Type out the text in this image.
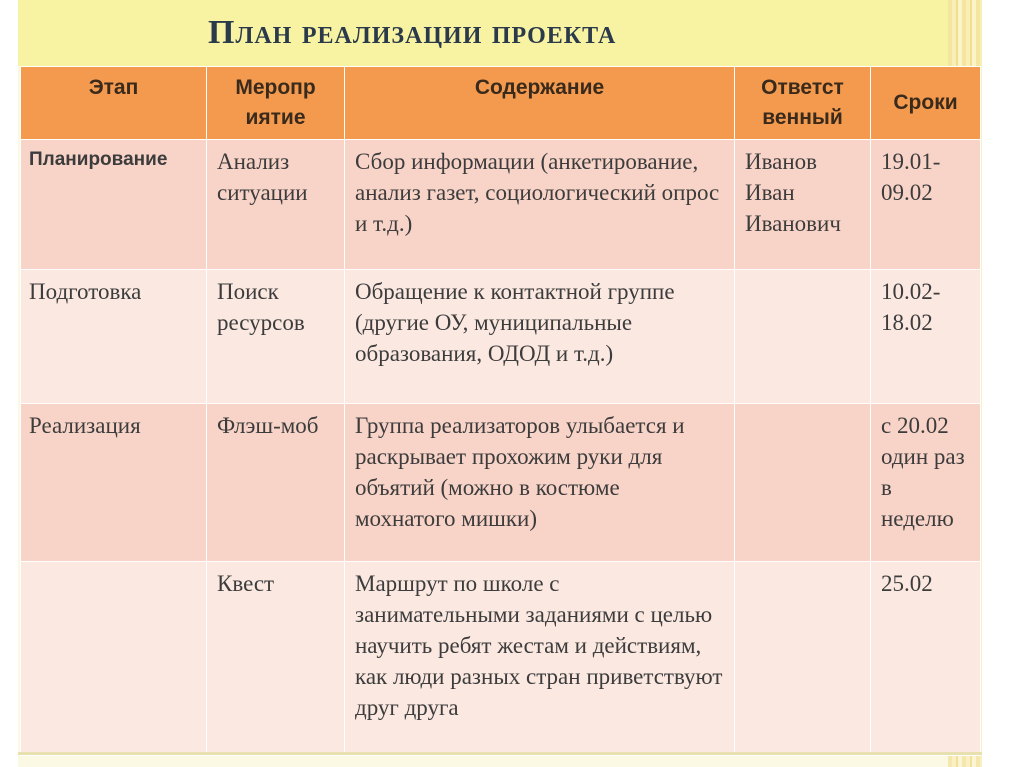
План реализации проекта
Этап	Меропр иятие	Содержание	Ответст венный	Сроки
Планирование	Анализ ситуации	Сбор информации (анкетирование, анализ газет, социологический опрос и т.д.)	Иванов Иван Иванович	19.01-09.02
Подготовка	Поиск ресурсов	Обращение к контактной группе (другие ОУ, муниципальные образования, ОДОД и т.д.)		10.02-18.02
Реализация	Флэш-моб	Группа реализаторов улыбается и раскрывает прохожим руки для объятий (можно в костюме мохнатого мишки)		с 20.02 один раз в неделю
	Квест	Маршрут по школе с занимательными заданиями с целью научить ребят жестам и действиям, как люди разных стран приветствуют друг друга		25.02
